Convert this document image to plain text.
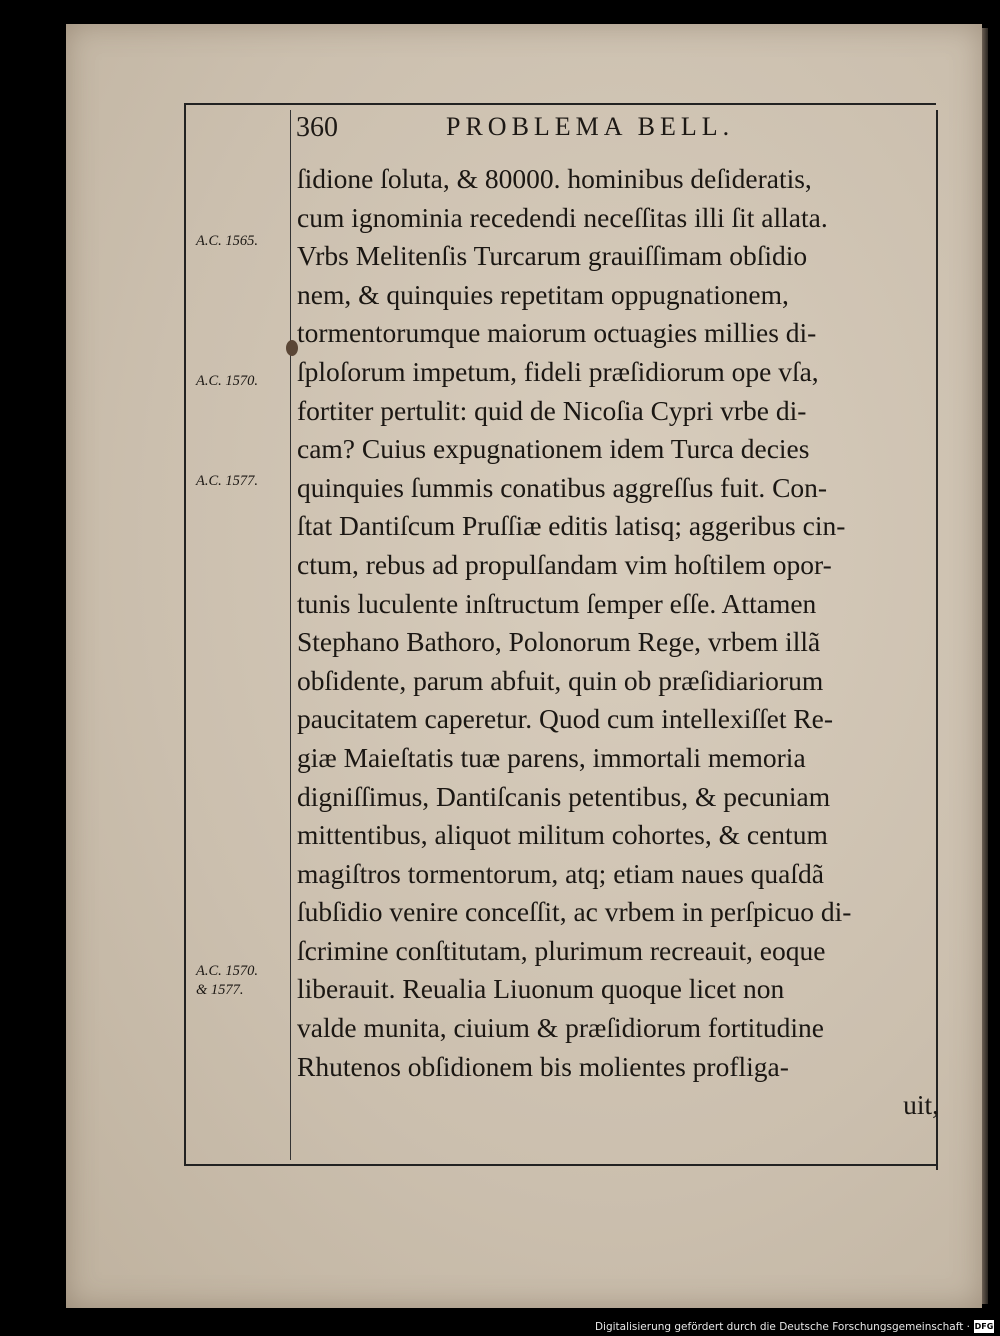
360	PROBLEMA BELL.
A.C. 1565.
A.C. 1570.
A.C. 1577.
A.C. 1570.
& 1577.
ſidione ſoluta, & 80000. hominibus deſideratis,
cum ignominia recedendi neceſſitas illi ſit allata.
Vrbs Melitenſis Turcarum grauiſſimam obſidio
nem, & quinquies repetitam oppugnationem,
tormentorumque maiorum octuagies millies di-
ſploſorum impetum, fideli præſidiorum ope vſa,
fortiter pertulit: quid de Nicoſia Cypri vrbe di-
cam? Cuius expugnationem idem Turca decies
quinquies ſummis conatibus aggreſſus fuit. Con-
ſtat Dantiſcum Pruſſiæ editis latisq; aggeribus cin-
ctum, rebus ad propulſandam vim hoſtilem opor-
tunis luculente inſtructum ſemper eſſe. Attamen
Stephano Bathoro, Polonorum Rege, vrbem illã
obſidente, parum abfuit, quin ob præſidiariorum
paucitatem caperetur. Quod cum intellexiſſet Re-
giæ Maieſtatis tuæ parens, immortali memoria
digniſſimus, Dantiſcanis petentibus, & pecuniam
mittentibus, aliquot militum cohortes, & centum
magiſtros tormentorum, atq; etiam naues quaſdã
ſubſidio venire conceſſit, ac vrbem in perſpicuo di-
ſcrimine conſtitutam, plurimum recreauit, eoque
liberauit. Reualia Liuonum quoque licet non
valde munita, ciuium & præſidiorum fortitudine
Rhutenos obſidionem bis molientes profliga-
uit,
Digitalisierung gefördert durch die Deutsche Forschungsgemeinschaft · DFG
